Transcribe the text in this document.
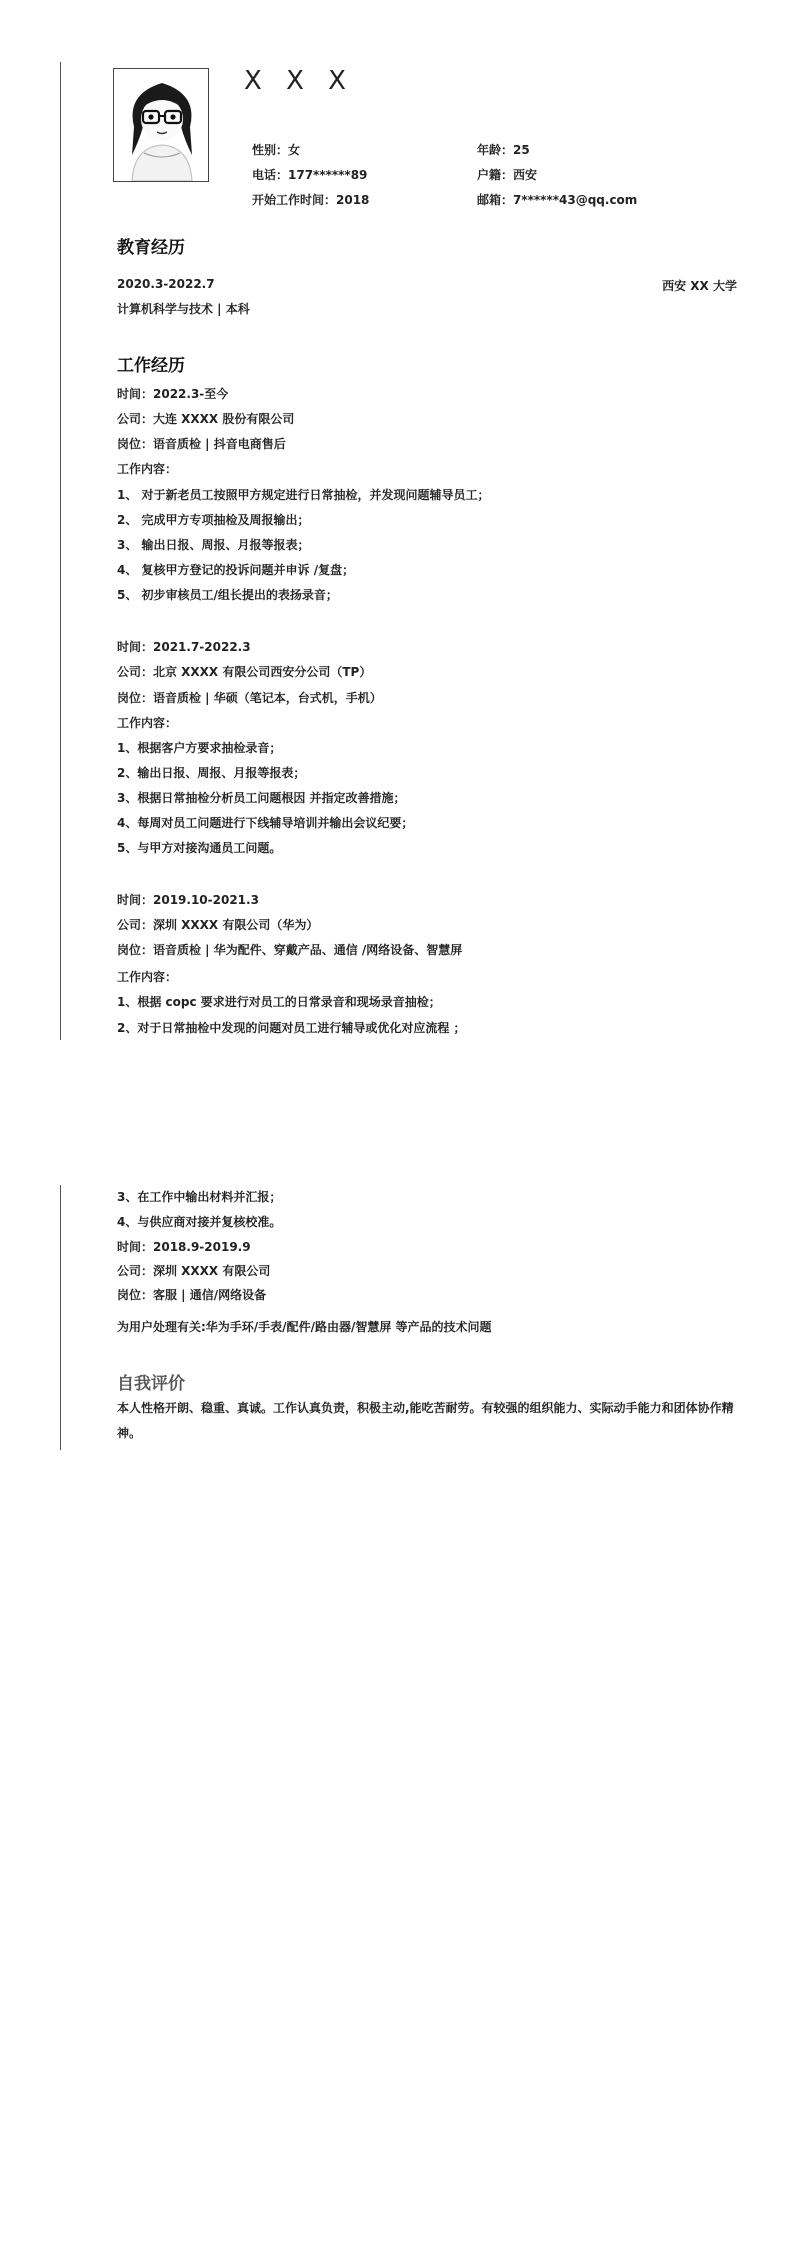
X X X
性别：女	年龄：25
电话：177******89	户籍：西安
开始工作时间：2018	邮箱：7******43@qq.com
教育经历
2020.3-2022.7	西安 XX 大学
计算机科学与技术 | 本科
工作经历
时间：2022.3-至今
公司：大连 XXXX 股份有限公司
岗位：语音质检 | 抖音电商售后
工作内容：
1、 对于新老员工按照甲方规定进行日常抽检，并发现问题辅导员工；
2、 完成甲方专项抽检及周报输出；
3、 输出日报、周报、月报等报表；
4、 复核甲方登记的投诉问题并申诉 /复盘；
5、 初步审核员工/组长提出的表扬录音；
时间：2021.7-2022.3
公司：北京 XXXX 有限公司西安分公司（TP）
岗位：语音质检 | 华硕（笔记本，台式机，手机）
工作内容：
1、根据客户方要求抽检录音；
2、输出日报、周报、月报等报表；
3、根据日常抽检分析员工问题根因 并指定改善措施；
4、每周对员工问题进行下线辅导培训并输出会议纪要；
5、与甲方对接沟通员工问题。
时间：2019.10-2021.3
公司：深圳 XXXX 有限公司（华为）
岗位：语音质检 | 华为配件、穿戴产品、通信 /网络设备、智慧屏
工作内容：
1、根据 copc 要求进行对员工的日常录音和现场录音抽检；
2、对于日常抽检中发现的问题对员工进行辅导或优化对应流程 ；
3、在工作中输出材料并汇报；
4、与供应商对接并复核校准。
时间：2018.9-2019.9
公司：深圳 XXXX 有限公司
岗位：客服 | 通信/网络设备
为用户处理有关:华为手环/手表/配件/路由器/智慧屏 等产品的技术问题
自我评价
本人性格开朗、稳重、真诚。工作认真负责，积极主动,能吃苦耐劳。有较强的组织能力、实际动手能力和团体协作精神。
